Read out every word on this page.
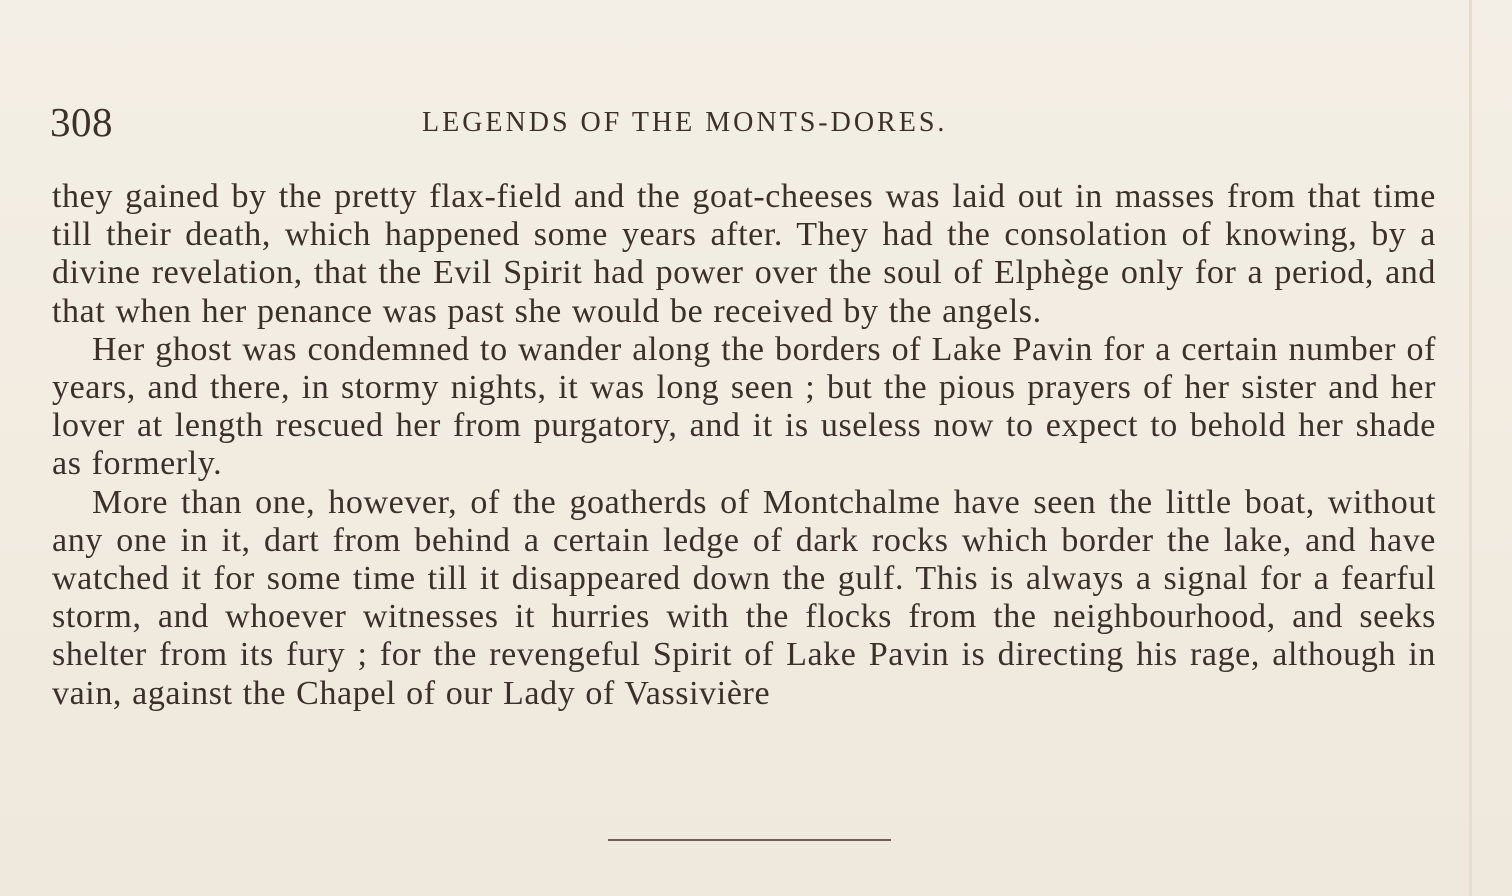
308	LEGENDS OF THE MONTS-DORES.

they gained by the pretty flax-field and the goat-cheeses was laid out in masses from that time till their death, which happened some years after. They had the consolation of knowing, by a divine revelation, that the Evil Spirit had power over the soul of Elphège only for a period, and that when her penance was past she would be received by the angels.

Her ghost was condemned to wander along the borders of Lake Pavin for a certain number of years, and there, in stormy nights, it was long seen ; but the pious prayers of her sister and her lover at length rescued her from purgatory, and it is useless now to expect to behold her shade as formerly.

More than one, however, of the goatherds of Montchalme have seen the little boat, without any one in it, dart from behind a certain ledge of dark rocks which border the lake, and have watched it for some time till it disappeared down the gulf. This is always a signal for a fearful storm, and whoever witnesses it hurries with the flocks from the neighbourhood, and seeks shelter from its fury ; for the revengeful Spirit of Lake Pavin is directing his rage, although in vain, against the Chapel of our Lady of Vassivière
